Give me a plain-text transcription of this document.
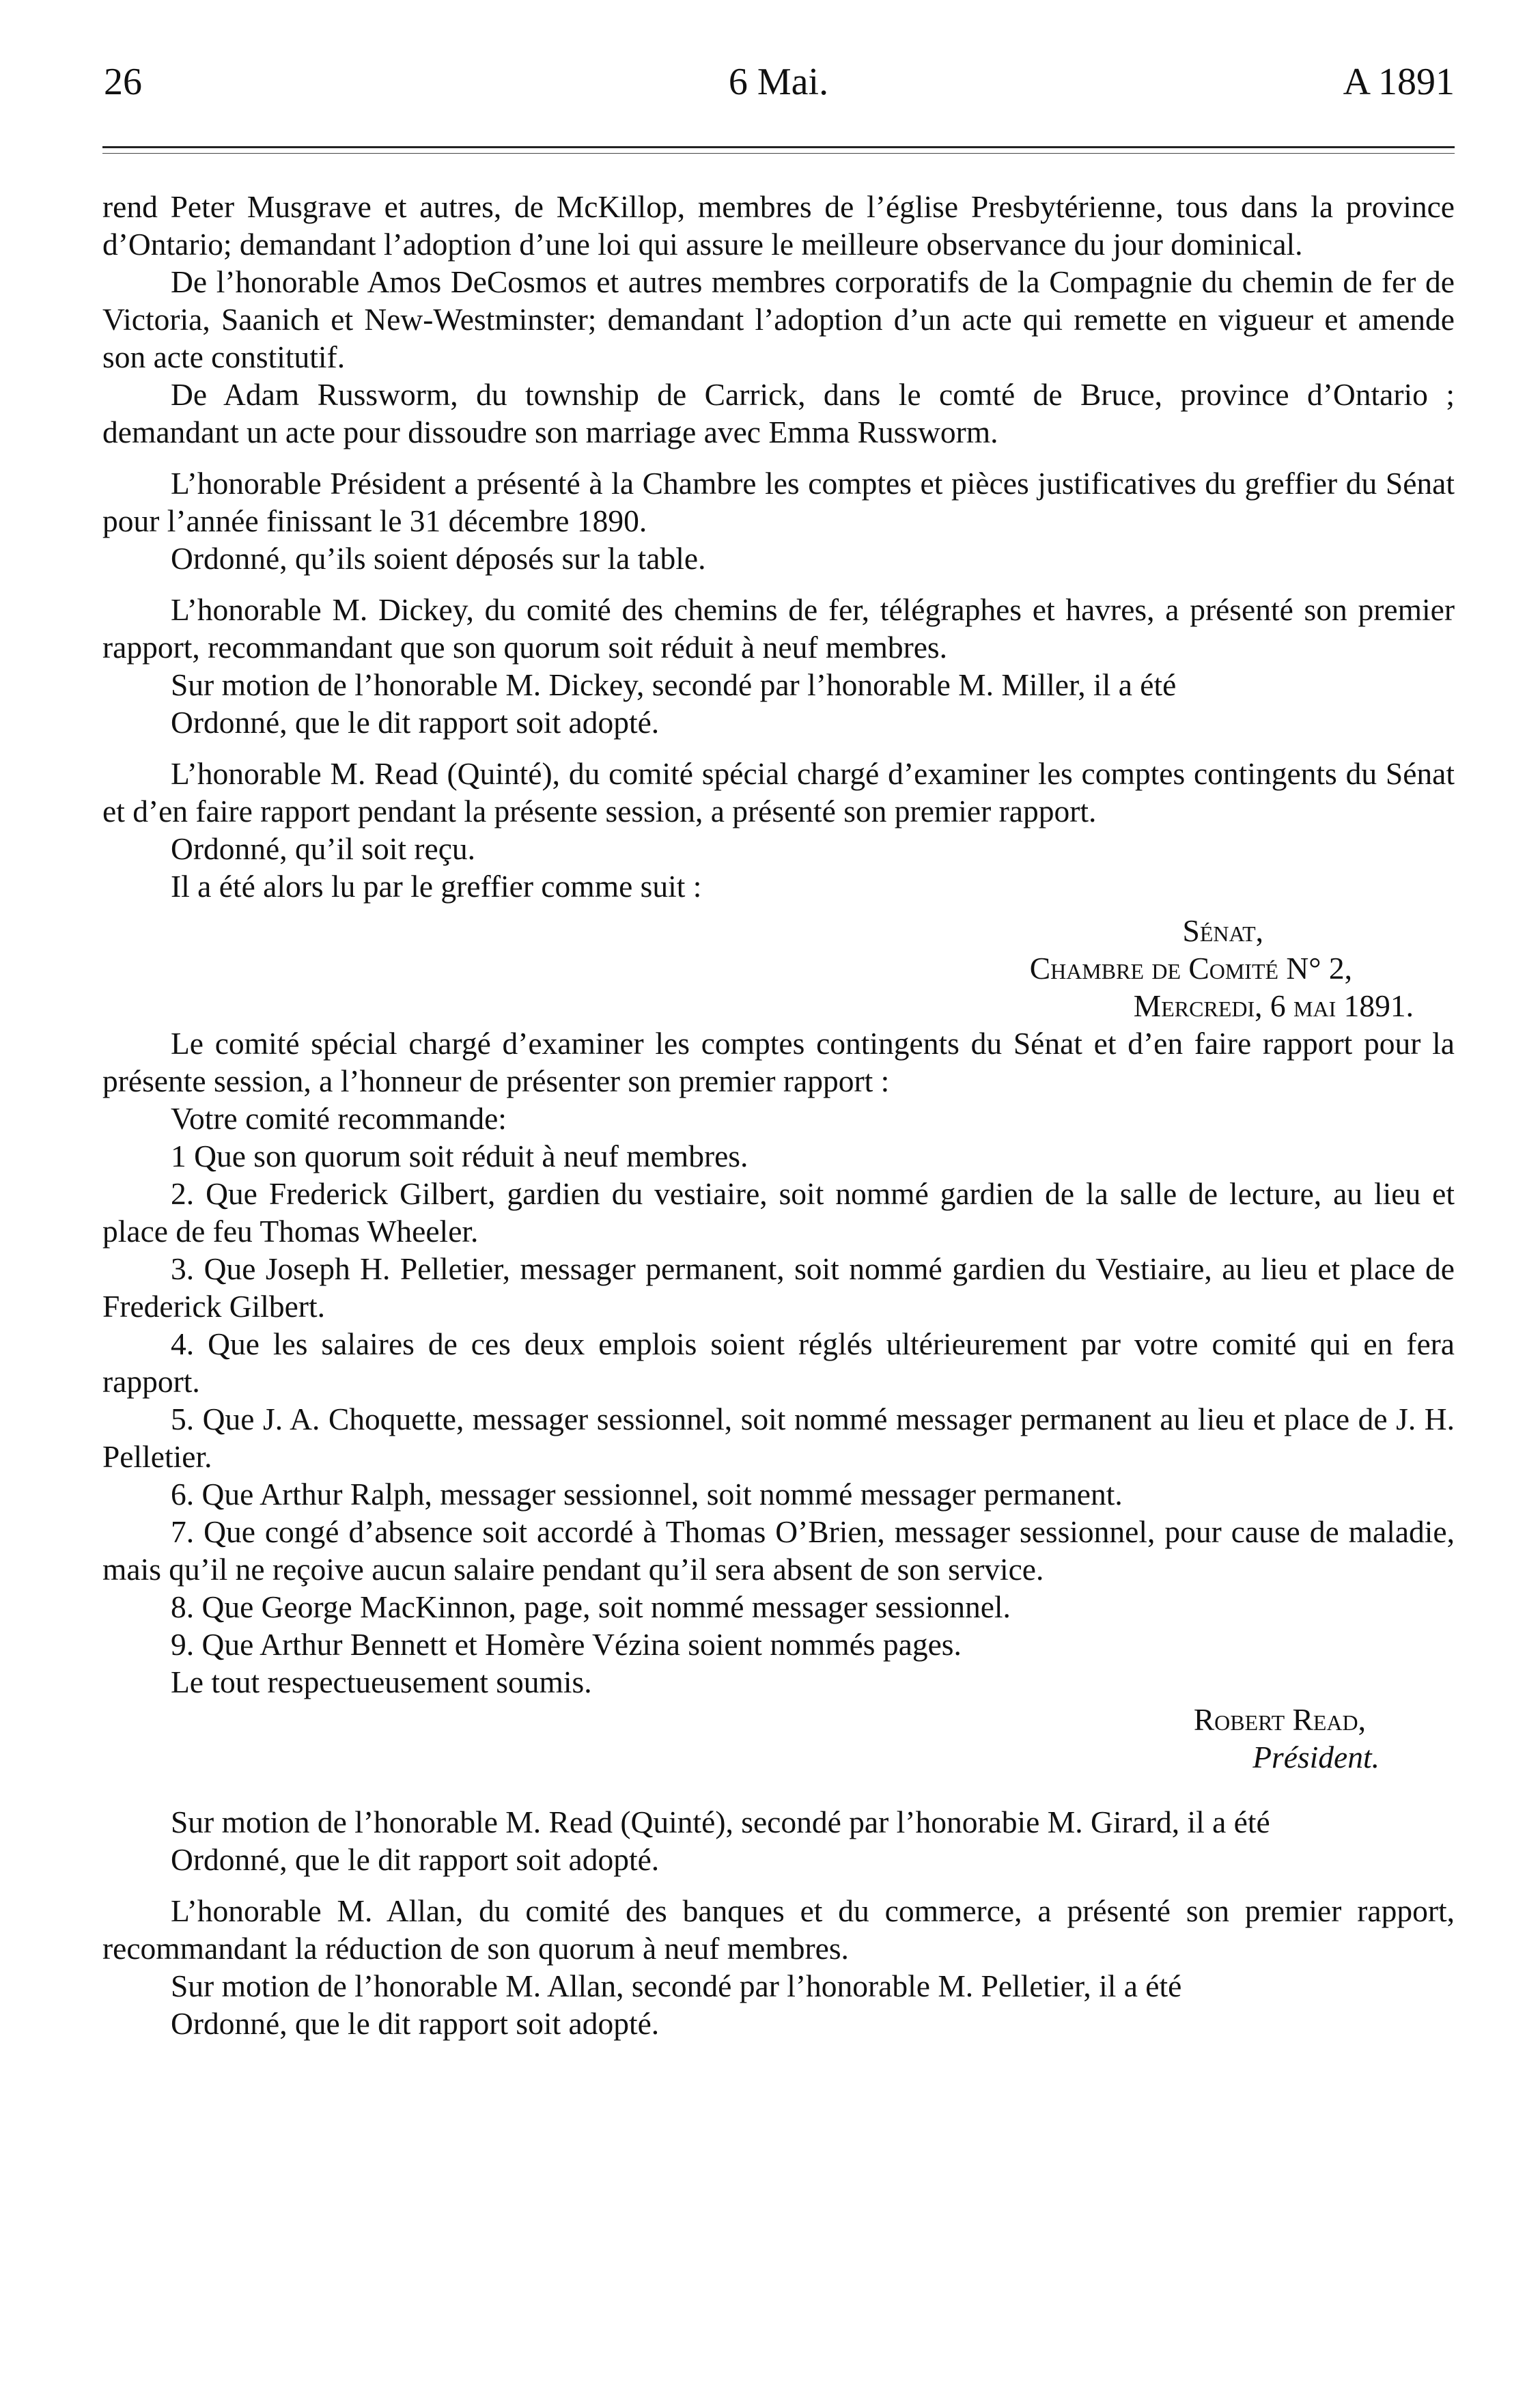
26	6 Mai.	A 1891

rend Peter Musgrave et autres, de McKillop, membres de l’église Presbytérienne, tous dans la province d’Ontario; demandant l’adoption d’une loi qui assure le meilleure observance du jour dominical.

De l’honorable Amos DeCosmos et autres membres corporatifs de la Compagnie du chemin de fer de Victoria, Saanich et New-Westminster; demandant l’adoption d’un acte qui remette en vigueur et amende son acte constitutif.

De Adam Russworm, du township de Carrick, dans le comté de Bruce, province d’Ontario ; demandant un acte pour dissoudre son marriage avec Emma Russworm.

L’honorable Président a présenté à la Chambre les comptes et pièces justificatives du greffier du Sénat pour l’année finissant le 31 décembre 1890.

Ordonné, qu’ils soient déposés sur la table.

L’honorable M. Dickey, du comité des chemins de fer, télégraphes et havres, a présenté son premier rapport, recommandant que son quorum soit réduit à neuf membres.

Sur motion de l’honorable M. Dickey, secondé par l’honorable M. Miller, il a été

Ordonné, que le dit rapport soit adopté.

L’honorable M. Read (Quinté), du comité spécial chargé d’examiner les comptes contingents du Sénat et d’en faire rapport pendant la présente session, a présenté son premier rapport.

Ordonné, qu’il soit reçu.

Il a été alors lu par le greffier comme suit :

Sénat,

Chambre de Comité N° 2,

Mercredi, 6 mai 1891.

Le comité spécial chargé d’examiner les comptes contingents du Sénat et d’en faire rapport pour la présente session, a l’honneur de présenter son premier rapport :

Votre comité recommande:

1 Que son quorum soit réduit à neuf membres.

2. Que Frederick Gilbert, gardien du vestiaire, soit nommé gardien de la salle de lecture, au lieu et place de feu Thomas Wheeler.

3. Que Joseph H. Pelletier, messager permanent, soit nommé gardien du Vestiaire, au lieu et place de Frederick Gilbert.

4. Que les salaires de ces deux emplois soient réglés ultérieurement par votre comité qui en fera rapport.

5. Que J. A. Choquette, messager sessionnel, soit nommé messager permanent au lieu et place de J. H. Pelletier.

6. Que Arthur Ralph, messager sessionnel, soit nommé messager permanent.

7. Que congé d’absence soit accordé à Thomas O’Brien, messager sessionnel, pour cause de maladie, mais qu’il ne reçoive aucun salaire pendant qu’il sera absent de son service.

8. Que George MacKinnon, page, soit nommé messager sessionnel.

9. Que Arthur Bennett et Homère Vézina soient nommés pages.

Le tout respectueusement soumis.

Robert Read,

Président.

Sur motion de l’honorable M. Read (Quinté), secondé par l’honorabie M. Girard, il a été

Ordonné, que le dit rapport soit adopté.

L’honorable M. Allan, du comité des banques et du commerce, a présenté son premier rapport, recommandant la réduction de son quorum à neuf membres.

Sur motion de l’honorable M. Allan, secondé par l’honorable M. Pelletier, il a été

Ordonné, que le dit rapport soit adopté.
